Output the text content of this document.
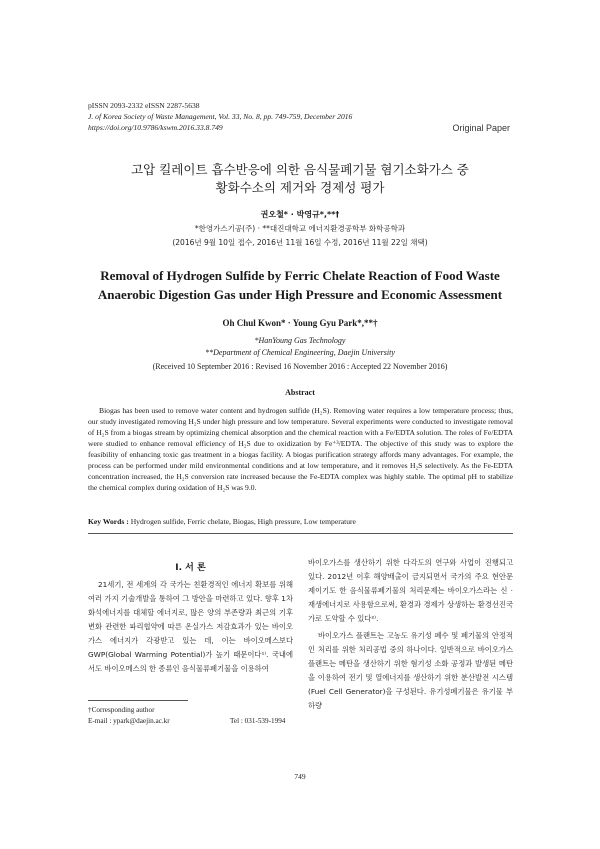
pISSN 2093-2332 eISSN 2287-5638
J. of Korea Society of Waste Management, Vol. 33, No. 8, pp. 749-759, December 2016
https://doi.org/10.9786/kswm.2016.33.8.749	Original Paper
고압 킬레이트 흡수반응에 의한 음식물폐기물 혐기소화가스 중
황화수소의 제거와 경제성 평가
권오철* · 박영규*,**†
*한영가스기공(주) · **대진대학교 에너지환경공학부 화학공학과
(2016년 9월 10일 접수, 2016년 11월 16일 수정, 2016년 11월 22일 채택)
Removal of Hydrogen Sulfide by Ferric Chelate Reaction of Food Waste
Anaerobic Digestion Gas under High Pressure and Economic Assessment
Oh Chul Kwon* · Young Gyu Park*,**†
*HanYoung Gas Technology
**Department of Chemical Engineering, Daejin University
(Received 10 September 2016 : Revised 16 November 2016 : Accepted 22 November 2016)
Abstract
Biogas has been used to remove water content and hydrogen sulfide (H₂S). Removing water requires a low temperature process; thus, our study investigated removing H₂S under high pressure and low temperature. Several experiments were conducted to investigate removal of H₂S from a biogas stream by optimizing chemical absorption and the chemical reaction with a Fe/EDTA solution. The roles of Fe/EDTA were studied to enhance removal efficiency of H₂S due to oxidization by Fe⁺³/EDTA. The objective of this study was to explore the feasibility of enhancing toxic gas treatment in a biogas facility. A biogas purification strategy affords many advantages. For example, the process can be performed under mild environmental conditions and at low temperature, and it removes H₂S selectively. As the Fe-EDTA concentration increased, the H₂S conversion rate increased because the Fe-EDTA complex was highly stable. The optimal pH to stabilize the chemical complex during oxidation of H₂S was 9.0.
Key Words : Hydrogen sulfide, Ferric chelate, Biogas, High pressure, Low temperature
I. 서 론
21세기, 전 세계의 각 국가는 친환경적인 에너지 확보를 위해 여러 가지 기술개발을 통하여 그 방안을 마련하고 있다. 향후 1차 화석에너지를 대체할 에너지로, 많은 양의 부존량과 최근의 기후변화 관련한 파리협약에 따른 온실가스 저감효과가 있는 바이오가스 에너지가 각광받고 있는 데, 이는 바이오메스보다 GWP(Global Warming Potential)가 높기 때문이다¹⁾. 국내에서도 바이오메스의 한 종류인 음식물류폐기물을 이용하여
바이오가스를 생산하기 위한 다각도의 연구와 사업이 진행되고 있다. 2012년 이후 해양배출이 금지되면서 국가의 주요 현안문제이기도 한 음식물류폐기물의 처리문제는 바이오가스라는 신 · 재생에너지로 사용함으로써, 환경과 경제가 상생하는 환경선진국가로 도약할 수 있다²⁾.
바이오가스 플랜트는 고농도 유기성 폐수 및 폐기물의 안정적인 처리를 위한 처리공법 중의 하나이다. 일반적으로 바이오가스 플랜트는 메탄을 생산하기 위한 혐기성 소화 공정과 발생된 메탄을 이용하여 전기 및 열에너지를 생산하기 위한 분산발전 시스템(Fuel Cell Generator)을 구성된다. 유기성폐기물은 유기물 부하량
†Corresponding author
E-mail : ypark@daejin.ac.kr	Tel : 031-539-1994
749
